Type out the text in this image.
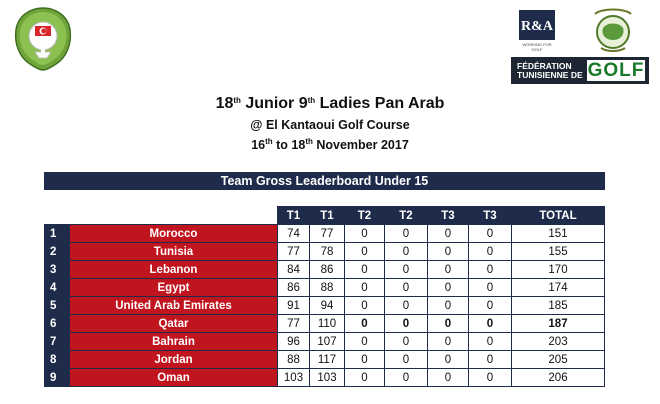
R&A
WORKING FOR GOLF
FÉDÉRATION
TUNISIENNE DE GOLF
18th Junior 9th Ladies Pan Arab
@ El Kantaoui Golf Course
16th to 18th November 2017
Team Gross Leaderboard Under 15
		T1	T1	T2	T2	T3	T3	TOTAL
1	Morocco	74	77	0	0	0	0	151
2	Tunisia	77	78	0	0	0	0	155
3	Lebanon	84	86	0	0	0	0	170
4	Egypt	86	88	0	0	0	0	174
5	United Arab Emirates	91	94	0	0	0	0	185
6	Qatar	77	110	0	0	0	0	187
7	Bahrain	96	107	0	0	0	0	203
8	Jordan	88	117	0	0	0	0	205
9	Oman	103	103	0	0	0	0	206
